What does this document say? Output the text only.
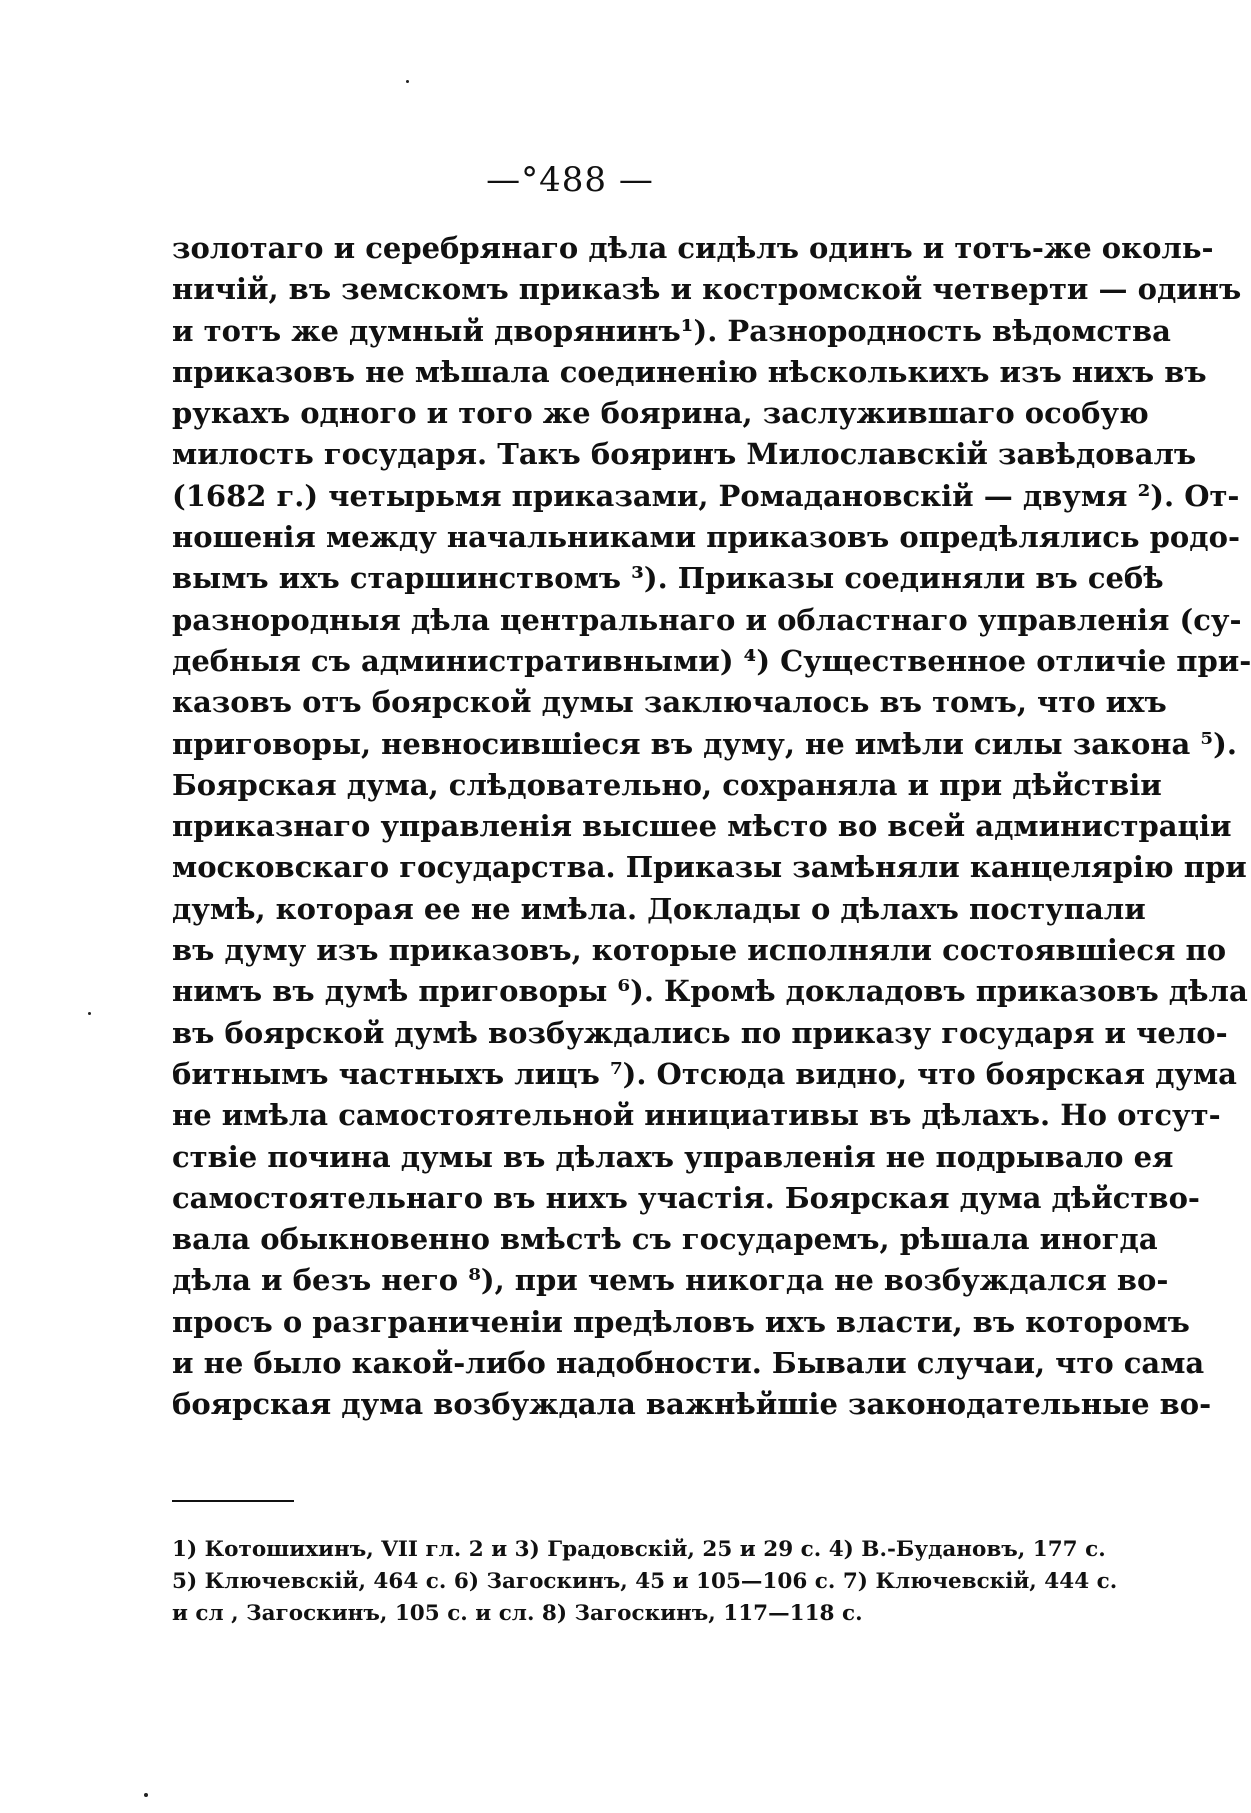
—°488 —
золотаго и серебрянаго дѣла сидѣлъ одинъ и тотъ-же околь-
ничій, въ земскомъ приказѣ и костромской четверти — одинъ
и тотъ же думный дворянинъ¹). Разнородность вѣдомства
приказовъ не мѣшала соединенію нѣсколькихъ изъ нихъ въ
рукахъ одного и того же боярина, заслужившаго особую
милость государя. Такъ бояринъ Милославскій завѣдовалъ
(1682 г.) четырьмя приказами, Ромадановскій — двумя ²). От-
ношенія между начальниками приказовъ опредѣлялись родо-
вымъ ихъ старшинствомъ ³). Приказы соединяли въ себѣ
разнородныя дѣла центральнаго и областнаго управленія (су-
дебныя съ административными) ⁴) Существенное отличіе при-
казовъ отъ боярской думы заключалось въ томъ, что ихъ
приговоры, невносившіеся въ думу, не имѣли силы закона ⁵).
Боярская дума, слѣдовательно, сохраняла и при дѣйствіи
приказнаго управленія высшее мѣсто во всей администраціи
московскаго государства. Приказы замѣняли канцелярію при
думѣ, которая ее не имѣла. Доклады о дѣлахъ поступали
въ думу изъ приказовъ, которые исполняли состоявшіеся по
нимъ въ думѣ приговоры ⁶). Кромѣ докладовъ приказовъ дѣла
въ боярской думѣ возбуждались по приказу государя и чело-
битнымъ частныхъ лицъ ⁷). Отсюда видно, что боярская дума
не имѣла самостоятельной инициативы въ дѣлахъ. Но отсут-
ствіе почина думы въ дѣлахъ управленія не подрывало ея
самостоятельнаго въ нихъ участія. Боярская дума дѣйство-
вала обыкновенно вмѣстѣ съ государемъ, рѣшала иногда
дѣла и безъ него ⁸), при чемъ никогда не возбуждался во-
просъ о разграниченіи предѣловъ ихъ власти, въ которомъ
и не было какой-либо надобности. Бывали случаи, что сама
боярская дума возбуждала важнѣйшіе законодательные во-
1) Котошихинъ, VII гл. 2 и 3) Градовскій, 25 и 29 с. 4) В.-Будановъ, 177 с.
5) Ключевскій, 464 с. 6) Загоскинъ, 45 и 105—106 с. 7) Ключевскій, 444 с.
и сл , Загоскинъ, 105 с. и сл. 8) Загоскинъ, 117—118 с.
